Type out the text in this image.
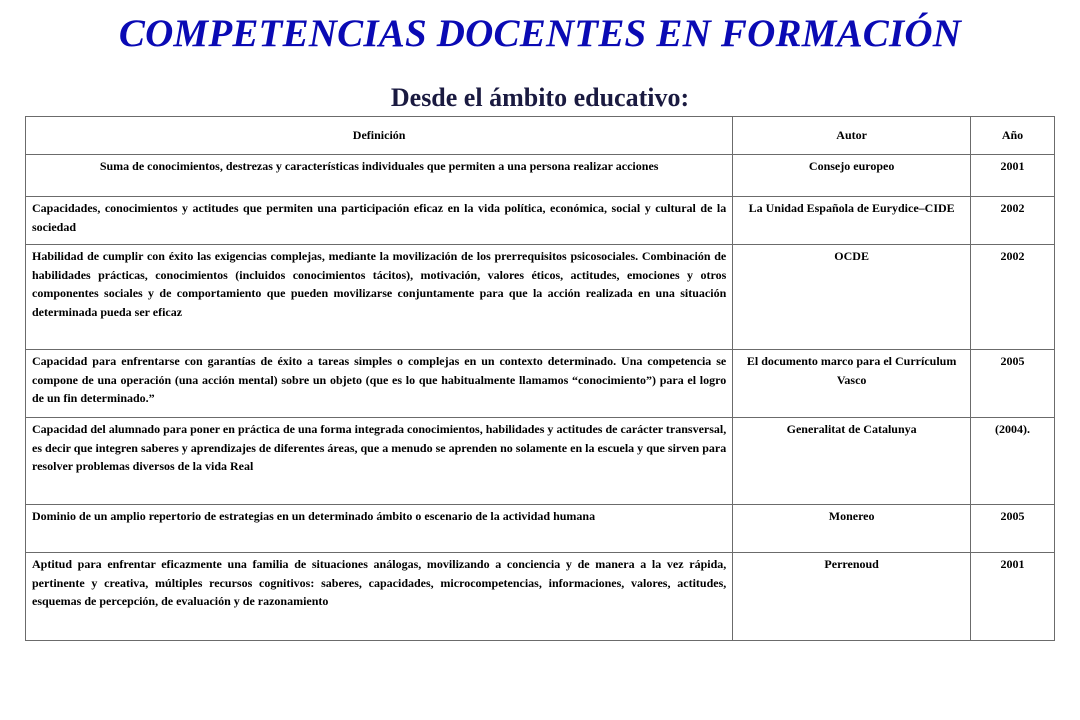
COMPETENCIAS DOCENTES EN FORMACIÓN
Desde el ámbito educativo:
Definición	Autor	Año
Suma de conocimientos, destrezas y características individuales que permiten a una persona realizar acciones	Consejo europeo	2001
Capacidades, conocimientos y actitudes que permiten una participación eficaz en la vida política, económica, social y cultural de la sociedad	La Unidad Española de Eurydice–CIDE	2002
Habilidad de cumplir con éxito las exigencias complejas, mediante la movilización de los prerrequisitos psicosociales. Combinación de habilidades prácticas, conocimientos (incluidos conocimientos tácitos), motivación, valores éticos, actitudes, emociones y otros componentes sociales y de comportamiento que pueden movilizarse conjuntamente para que la acción realizada en una situación determinada pueda ser eficaz	OCDE	2002
Capacidad para enfrentarse con garantías de éxito a tareas simples o complejas en un contexto determinado. Una competencia se compone de una operación (una acción mental) sobre un objeto (que es lo que habitualmente llamamos “conocimiento”) para el logro de un fin determinado.”	El documento marco para el Currículum Vasco	2005
Capacidad del alumnado para poner en práctica de una forma integrada conocimientos, habilidades y actitudes de carácter transversal, es decir que integren saberes y aprendizajes de diferentes áreas, que a menudo se aprenden no solamente en la escuela y que sirven para resolver problemas diversos de la vida Real	Generalitat de Catalunya	(2004).
Dominio de un amplio repertorio de estrategias en un determinado ámbito o escenario de la actividad humana	Monereo	2005
Aptitud para enfrentar eficazmente una familia de situaciones análogas, movilizando a conciencia y de manera a la vez rápida, pertinente y creativa, múltiples recursos cognitivos: saberes, capacidades, microcompetencias, informaciones, valores, actitudes, esquemas de percepción, de evaluación y de razonamiento	Perrenoud	2001
